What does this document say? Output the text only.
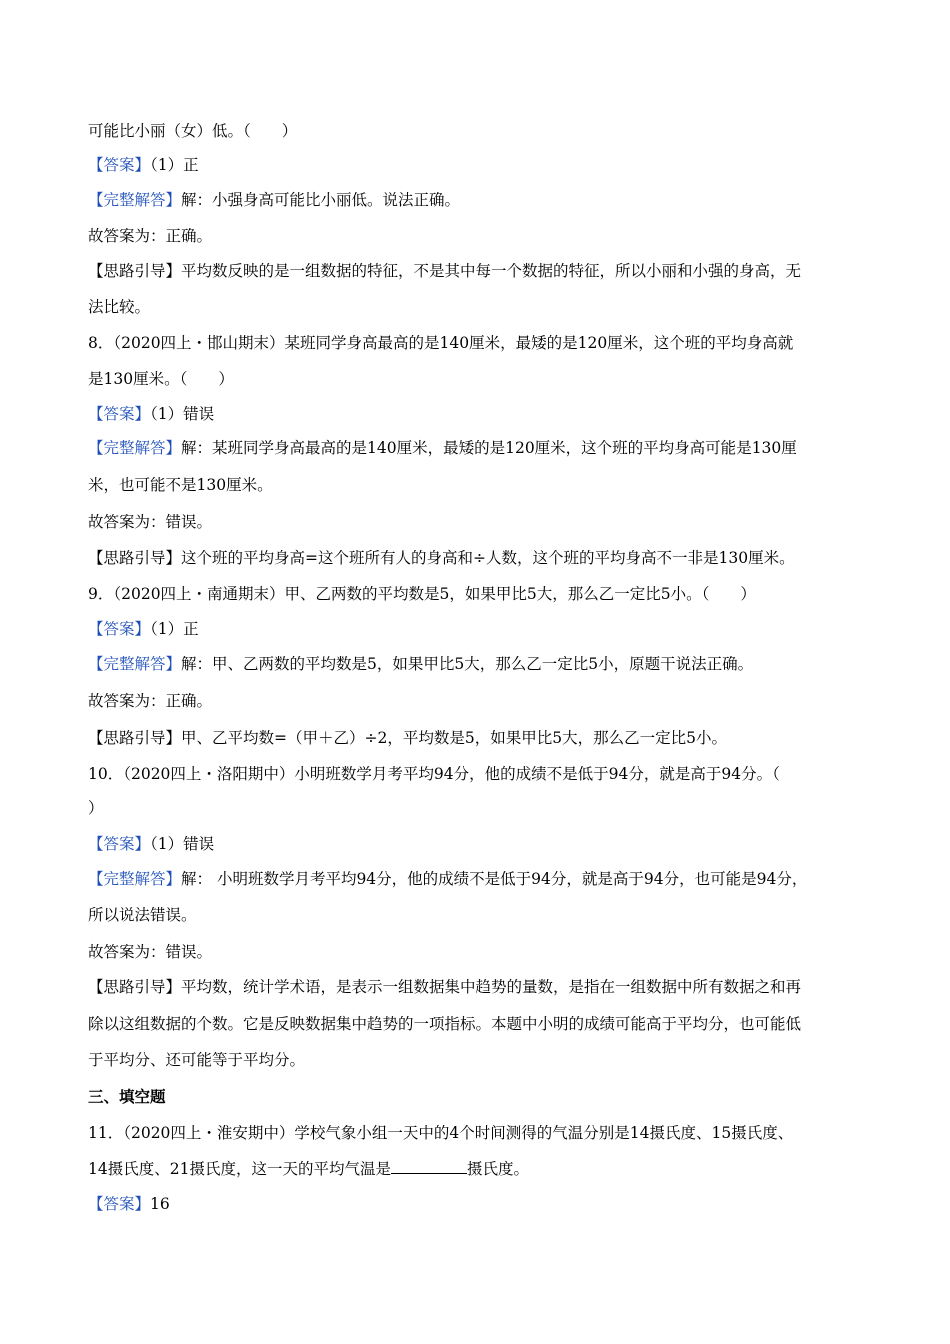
可能比小丽（女）低。（　　）
【答案】（1）正
【完整解答】解：小强身高可能比小丽低。说法正确。
故答案为：正确。
【思路引导】平均数反映的是一组数据的特征，不是其中每一个数据的特征，所以小丽和小强的身高，无
法比较。
8．（2020四上・邯山期末）某班同学身高最高的是140厘米，最矮的是120厘米，这个班的平均身高就
是130厘米。（　　）
【答案】（1）错误
【完整解答】解：某班同学身高最高的是140厘米，最矮的是120厘米，这个班的平均身高可能是130厘
米，也可能不是130厘米。
故答案为：错误。
【思路引导】这个班的平均身高=这个班所有人的身高和÷人数，这个班的平均身高不一非是130厘米。
9．（2020四上・南通期末）甲、乙两数的平均数是5，如果甲比5大，那么乙一定比5小。（　　）
【答案】（1）正
【完整解答】解：甲、乙两数的平均数是5，如果甲比5大，那么乙一定比5小，原题干说法正确。
故答案为：正确。
【思路引导】甲、乙平均数=（甲＋乙）÷2，平均数是5，如果甲比5大，那么乙一定比5小。
10．（2020四上・洛阳期中）小明班数学月考平均94分，他的成绩不是低于94分，就是高于94分。（
）
【答案】（1）错误
【完整解答】解： 小明班数学月考平均94分，他的成绩不是低于94分，就是高于94分，也可能是94分，
所以说法错误。
故答案为：错误。
【思路引导】平均数，统计学术语，是表示一组数据集中趋势的量数，是指在一组数据中所有数据之和再
除以这组数据的个数。它是反映数据集中趋势的一项指标。本题中小明的成绩可能高于平均分，也可能低
于平均分、还可能等于平均分。
三、填空题
11．（2020四上・淮安期中）学校气象小组一天中的4个时间测得的气温分别是14摄氏度、15摄氏度、
14摄氏度、21摄氏度，这一天的平均气温是	摄氏度。
【答案】16
